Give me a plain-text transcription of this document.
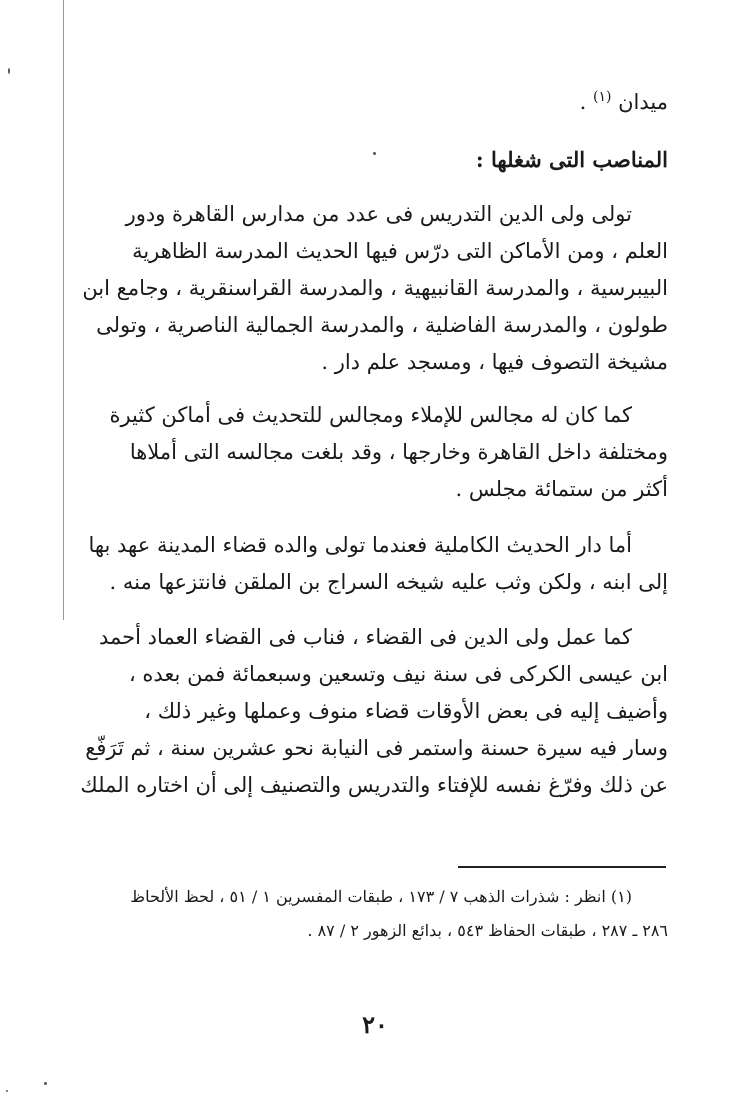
ميدان $^{(١)}$ .
المناصب التى شغلها :
تولى ولى الدين التدريس فى عدد من مدارس القاهرة ودور
العلم ، ومن الأماكن التى درّس فيها الحديث المدرسة الظاهرية
البيبرسية ، والمدرسة القانبيهية ، والمدرسة القراسنقرية ، وجامع ابن
طولون ، والمدرسة الفاضلية ، والمدرسة الجمالية الناصرية ، وتولى
مشيخة التصوف فيها ، ومسجد علم دار .
كما كان له مجالس للإملاء ومجالس للتحديث فى أماكن كثيرة
ومختلفة داخل القاهرة وخارجها ، وقد بلغت مجالسه التى أملاها
أكثر من ستمائة مجلس .
أما دار الحديث الكاملية فعندما تولى والده قضاء المدينة عهد بها
إلى ابنه ، ولكن وثب عليه شيخه السراج بن الملقن فانتزعها منه .
كما عمل ولى الدين فى القضاء ، فناب فى القضاء العماد أحمد
ابن عيسى الكركى فى سنة نيف وتسعين وسبعمائة فمن بعده ،
وأضيف إليه فى بعض الأوقات قضاء منوف وعملها وغير ذلك ،
وسار فيه سيرة حسنة واستمر فى النيابة نحو عشرين سنة ، ثم تَرَفّع
عن ذلك وفرّغ نفسه للإفتاء والتدريس والتصنيف إلى أن اختاره الملك
(١) انظر : شذرات الذهب ٧ / ١٧٣ ، طبقات المفسرين ١ / ٥١ ، لحظ الألحاظ
٢٨٦ ـ ٢٨٧ ، طبقات الحفاظ ٥٤٣ ، بدائع الزهور ٢ / ٨٧ .
٢٠
